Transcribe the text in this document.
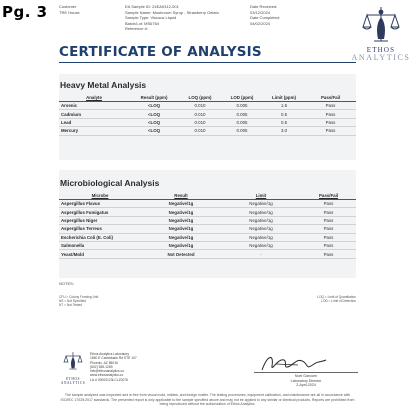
Pg. 3	Customer
TRE House
EA Sample ID: 24EA0312-001
Sample Name: Mushroom Syrup - Strawberry Gelato
Sample Type: Viscous Liquid
Batch/Lot: MS6764
Reference #:
Date Received:
03/12/2024
Date Completed:
04/02/2024
ETHOS
ANALYTICS
CERTIFICATE OF ANALYSIS
Heavy Metal Analysis
Analyte	Result (ppm)	LOQ (ppm)	LOD (ppm)	Limit (ppm)	Pass/Fail
Arsenic	<LOQ	0.010	0.005	1.5	Pass
Cadmium	<LOQ	0.010	0.005	0.5	Pass
Lead	<LOQ	0.010	0.005	0.5	Pass
Mercury	<LOQ	0.010	0.005	3.0	Pass
Microbiological Analysis
Microbe	Result	Limit	Pass/Fail
Aspergillus Flavus	Negative/1g	Negative/1g	Pass
Aspergillus Fumigatus	Negative/1g	Negative/1g	Pass
Aspergillus Niger	Negative/1g	Negative/1g	Pass
Aspergillus Terreus	Negative/1g	Negative/1g	Pass
Escherichia Coli (E. Coli)	Negative/1g	Negative/1g	Pass
Salmonella	Negative/1g	Negative/1g	Pass
Yeast/Mold	Not Detected	-	Pass
NOTES:
CFU = Colony Forming Unit
NS = Not Specified
NT = Not Tested
LOQ = Limit of Quantitation
LOD = Limit of Detection
ETHOS ANALYTICS
Ethos Analytics Laboratory
1650 E Camelback Rd STE 107
Phoenix, AZ 85016
(602) 555-1289
info@ethosanalytics.co
www.ethosanalytics.co
Lic # 00000123LCLZ0076
Noel Garcuen
Laboratory Director
2-April-2024
The sample analyzed was inspected and is free from visual mold, mildew, and foreign matter. The testing procedures, equipment calibration, and maintenance are all in accordance with ISO/IEC 17025:2017 standards. The presented report is only applicable to the sample specified above and may not be applied to any similar or identical products. Reports are prohibited from being reproduced without the authorization of Ethos Analytics.
